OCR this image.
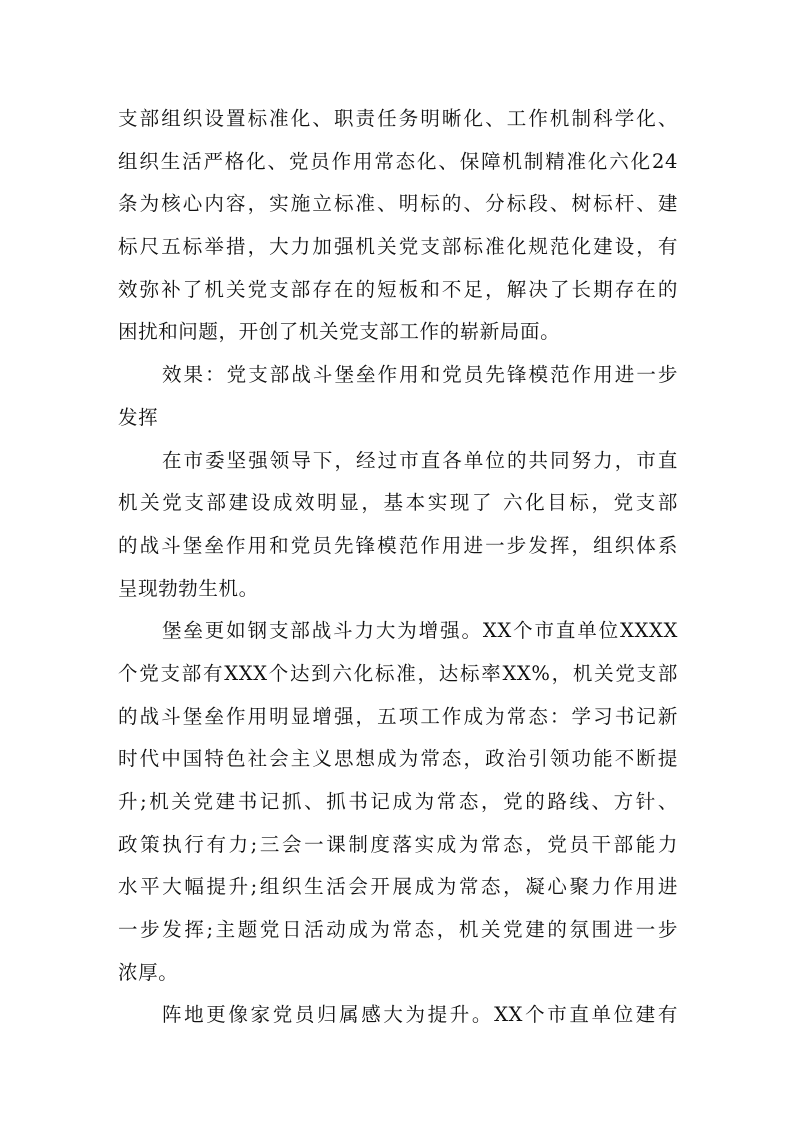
支部组织设置标准化、职责任务明晰化、工作机制科学化、
组织生活严格化、党员作用常态化、保障机制精准化六化24
条为核心内容，实施立标准、明标的、分标段、树标杆、建
标尺五标举措，大力加强机关党支部标准化规范化建设，有
效弥补了机关党支部存在的短板和不足，解决了长期存在的
困扰和问题，开创了机关党支部工作的崭新局面。
效果：党支部战斗堡垒作用和党员先锋模范作用进一步
发挥
在市委坚强领导下，经过市直各单位的共同努力，市直
机关党支部建设成效明显，基本实现了 六化目标，党支部
的战斗堡垒作用和党员先锋模范作用进一步发挥，组织体系
呈现勃勃生机。
堡垒更如钢支部战斗力大为增强。XX个市直单位XXXX
个党支部有XXX个达到六化标准，达标率XX%，机关党支部
的战斗堡垒作用明显增强，五项工作成为常态：学习书记新
时代中国特色社会主义思想成为常态，政治引领功能不断提
升;机关党建书记抓、抓书记成为常态，党的路线、方针、
政策执行有力;三会一课制度落实成为常态，党员干部能力
水平大幅提升;组织生活会开展成为常态，凝心聚力作用进
一步发挥;主题党日活动成为常态，机关党建的氛围进一步
浓厚。
阵地更像家党员归属感大为提升。XX个市直单位建有
